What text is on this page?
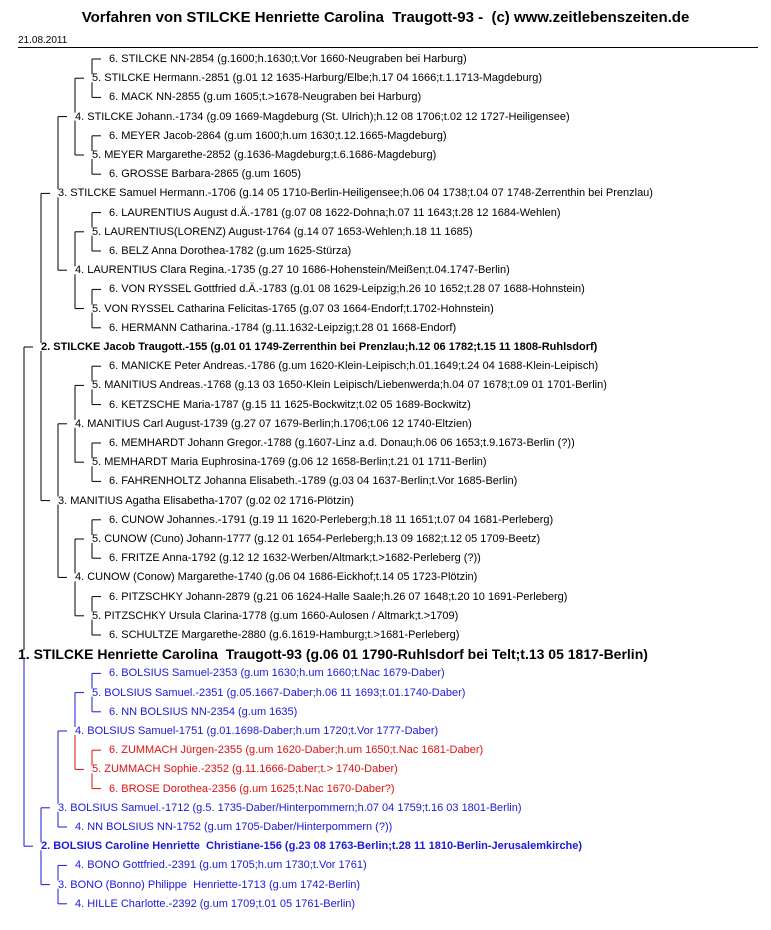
Vorfahren von STILCKE Henriette Carolina  Traugott-93 -  (c) www.zeitlebenszeiten.de
21.08.2011
6. STILCKE NN-2854 (g.1600;h.1630;t.Vor 1660-Neugraben bei Harburg)
5. STILCKE Hermann.-2851 (g.01 12 1635-Harburg/Elbe;h.17 04 1666;t.1.1713-Magdeburg)
6. MACK NN-2855 (g.um 1605;t.>1678-Neugraben bei Harburg)
4. STILCKE Johann.-1734 (g.09 1669-Magdeburg (St. Ulrich);h.12 08 1706;t.02 12 1727-Heiligensee)
6. MEYER Jacob-2864 (g.um 1600;h.um 1630;t.12.1665-Magdeburg)
5. MEYER Margarethe-2852 (g.1636-Magdeburg;t.6.1686-Magdeburg)
6. GROSSE Barbara-2865 (g.um 1605)
3. STILCKE Samuel Hermann.-1706 (g.14 05 1710-Berlin-Heiligensee;h.06 04 1738;t.04 07 1748-Zerrenthin bei Prenzlau)
6. LAURENTIUS August d.Ä.-1781 (g.07 08 1622-Dohna;h.07 11 1643;t.28 12 1684-Wehlen)
5. LAURENTIUS(LORENZ) August-1764 (g.14 07 1653-Wehlen;h.18 11 1685)
6. BELZ Anna Dorothea-1782 (g.um 1625-Stürza)
4. LAURENTIUS Clara Regina.-1735 (g.27 10 1686-Hohenstein/Meißen;t.04.1747-Berlin)
6. VON RYSSEL Gottfried d.Ä.-1783 (g.01 08 1629-Leipzig;h.26 10 1652;t.28 07 1688-Hohnstein)
5. VON RYSSEL Catharina Felicitas-1765 (g.07 03 1664-Endorf;t.1702-Hohnstein)
6. HERMANN Catharina.-1784 (g.11.1632-Leipzig;t.28 01 1668-Endorf)
2. STILCKE Jacob Traugott.-155 (g.01 01 1749-Zerrenthin bei Prenzlau;h.12 06 1782;t.15 11 1808-Ruhlsdorf)
6. MANICKE Peter Andreas.-1786 (g.um 1620-Klein-Leipisch;h.01.1649;t.24 04 1688-Klein-Leipisch)
5. MANITIUS Andreas.-1768 (g.13 03 1650-Klein Leipisch/Liebenwerda;h.04 07 1678;t.09 01 1701-Berlin)
6. KETZSCHE Maria-1787 (g.15 11 1625-Bockwitz;t.02 05 1689-Bockwitz)
4. MANITIUS Carl August-1739 (g.27 07 1679-Berlin;h.1706;t.06 12 1740-Eltzien)
6. MEMHARDT Johann Gregor.-1788 (g.1607-Linz a.d. Donau;h.06 06 1653;t.9.1673-Berlin (?))
5. MEMHARDT Maria Euphrosina-1769 (g.06 12 1658-Berlin;t.21 01 1711-Berlin)
6. FAHRENHOLTZ Johanna Elisabeth.-1789 (g.03 04 1637-Berlin;t.Vor 1685-Berlin)
3. MANITIUS Agatha Elisabetha-1707 (g.02 02 1716-Plötzin)
6. CUNOW Johannes.-1791 (g.19 11 1620-Perleberg;h.18 11 1651;t.07 04 1681-Perleberg)
5. CUNOW (Cuno) Johann-1777 (g.12 01 1654-Perleberg;h.13 09 1682;t.12 05 1709-Beetz)
6. FRITZE Anna-1792 (g.12 12 1632-Werben/Altmark;t.>1682-Perleberg (?))
4. CUNOW (Conow) Margarethe-1740 (g.06 04 1686-Eickhof;t.14 05 1723-Plötzin)
6. PITZSCHKY Johann-2879 (g.21 06 1624-Halle Saale;h.26 07 1648;t.20 10 1691-Perleberg)
5. PITZSCHKY Ursula Clarina-1778 (g.um 1660-Aulosen / Altmark;t.>1709)
6. SCHULTZE Margarethe-2880 (g.6.1619-Hamburg;t.>1681-Perleberg)
1. STILCKE Henriette Carolina  Traugott-93 (g.06 01 1790-Ruhlsdorf bei Telt;t.13 05 1817-Berlin)
6. BOLSIUS Samuel-2353 (g.um 1630;h.um 1660;t.Nac 1679-Daber)
5. BOLSIUS Samuel.-2351 (g.05.1667-Daber;h.06 11 1693;t.01.1740-Daber)
6. NN BOLSIUS NN-2354 (g.um 1635)
4. BOLSIUS Samuel-1751 (g.01.1698-Daber;h.um 1720;t.Vor 1777-Daber)
6. ZUMMACH Jürgen-2355 (g.um 1620-Daber;h.um 1650;t.Nac 1681-Daber)
5. ZUMMACH Sophie.-2352 (g.11.1666-Daber;t.> 1740-Daber)
6. BROSE Dorothea-2356 (g.um 1625;t.Nac 1670-Daber?)
3. BOLSIUS Samuel.-1712 (g.5. 1735-Daber/Hinterpommern;h.07 04 1759;t.16 03 1801-Berlin)
4. NN BOLSIUS NN-1752 (g.um 1705-Daber/Hinterpommern (?))
2. BOLSIUS Caroline Henriette  Christiane-156 (g.23 08 1763-Berlin;t.28 11 1810-Berlin-Jerusalemkirche)
4. BONO Gottfried.-2391 (g.um 1705;h.um 1730;t.Vor 1761)
3. BONO (Bonno) Philippe  Henriette-1713 (g.um 1742-Berlin)
4. HILLE Charlotte.-2392 (g.um 1709;t.01 05 1761-Berlin)
